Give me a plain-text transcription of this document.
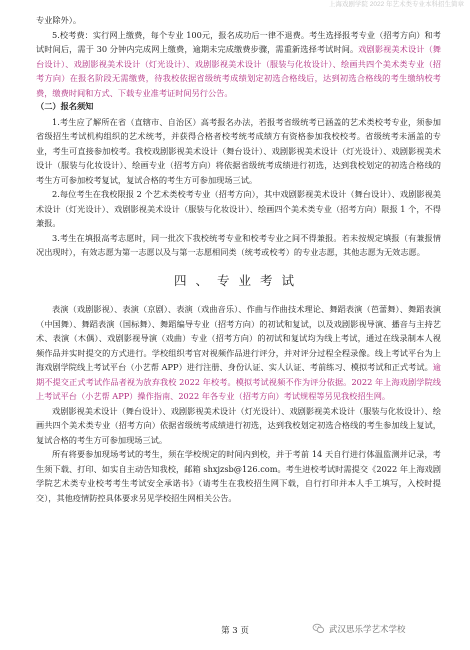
上海戏剧学院 2022 年艺术类专业本科招生简章

专业除外）。

5.校考费：实行网上缴费，每个专业 100元，报名成功后一律不退费。考生选择报考专业（招考方向）和考试时间后，需于 30 分钟内完成网上缴费，逾期未完成缴费步骤，需重新选择考试时间。戏剧影视美术设计（舞台设计）、戏剧影视美术设计（灯光设计）、戏剧影视美术设计（服装与化妆设计）、绘画共四个美术类专业（招考方向）在报名阶段无需缴费，待我校依据省级统考成绩划定初选合格线后，达到初选合格线的考生缴纳校考费，缴费时间和方式、下载专业准考证时间另行公告。

（二）报名须知

1.考生应了解所在省（直辖市、自治区）高考报名办法，若报考省级统考已涵盖的艺术类校考专业，须参加省级招生考试机构组织的艺术统考，并获得合格者校考统考成绩方有资格参加我校校考。省级统考未涵盖的专业，考生可直接参加校考。我校戏剧影视美术设计（舞台设计）、戏剧影视美术设计（灯光设计）、戏剧影视美术设计（服装与化妆设计）、绘画专业（招考方向）将依据省级统考成绩进行初选，达到我校划定的初选合格线的考生方可参加校考复试，复试合格的考生方可参加现场三试。

2.每位考生在我校限报 2 个艺术类校考专业（招考方向），其中戏剧影视美术设计（舞台设计）、戏剧影视美术设计（灯光设计）、戏剧影视美术设计（服装与化妆设计）、绘画四个美术类专业（招考方向）限报 1 个，不得兼报。

3.考生在填报高考志愿时，同一批次下我校统考专业和校考专业之间不得兼报。若未按规定填报（有兼报情况出现时），有效志愿为第一志愿以及与第一志愿相同类（统考或校考）的专业志愿，其他志愿为无效志愿。

四、专业考试

表演（戏剧影视）、表演（京剧）、表演（戏曲音乐）、作曲与作曲技术理论、舞蹈表演（芭蕾舞）、舞蹈表演（中国舞）、舞蹈表演（国标舞）、舞蹈编导专业（招考方向）的初试和复试，以及戏剧影视导演、播音与主持艺术、表演（木偶）、戏剧影视导演（戏曲）专业（招考方向）的初试和复试均为线上考试，通过在线录制本人视频作品并实时提交的方式进行。学校组织考官对视频作品进行评分，并对评分过程全程录像。线上考试平台为上海戏剧学院线上考试平台（小艺帮 APP）进行注册、身份认证、实人认证、考前练习、模拟考试和正式考试。逾期不提交正式考试作品者视为放弃我校 2022 年校考。模拟考试视频不作为评分依据。2022 年上海戏剧学院线上考试平台（小艺帮 APP）操作指南、2022 年各专业（招考方向）考试规程等另见我校招生网。

戏剧影视美术设计（舞台设计）、戏剧影视美术设计（灯光设计）、戏剧影视美术设计（服装与化妆设计）、绘画共四个美术类专业（招考方向）依据省级统考成绩进行初选，达到我校划定初选合格线的考生参加线上复试，复试合格的考生方可参加现场三试。

所有将要参加现场考试的考生，须在学校规定的时间内到校，并于考前 14 天自行进行体温监测并记录，考生须下载、打印、如实自主动告知我校，邮箱 shxjzsb@126.com。考生进校考试时需提交《2022 年上海戏剧学院艺术类专业校考考生考试安全承诺书》（请考生在我校招生网下载，自行打印并本人手工填写，入校时提交），其他疫情防控具体要求另见学校招生网相关公告。

第 3 页	武汉思乐学艺术学校
